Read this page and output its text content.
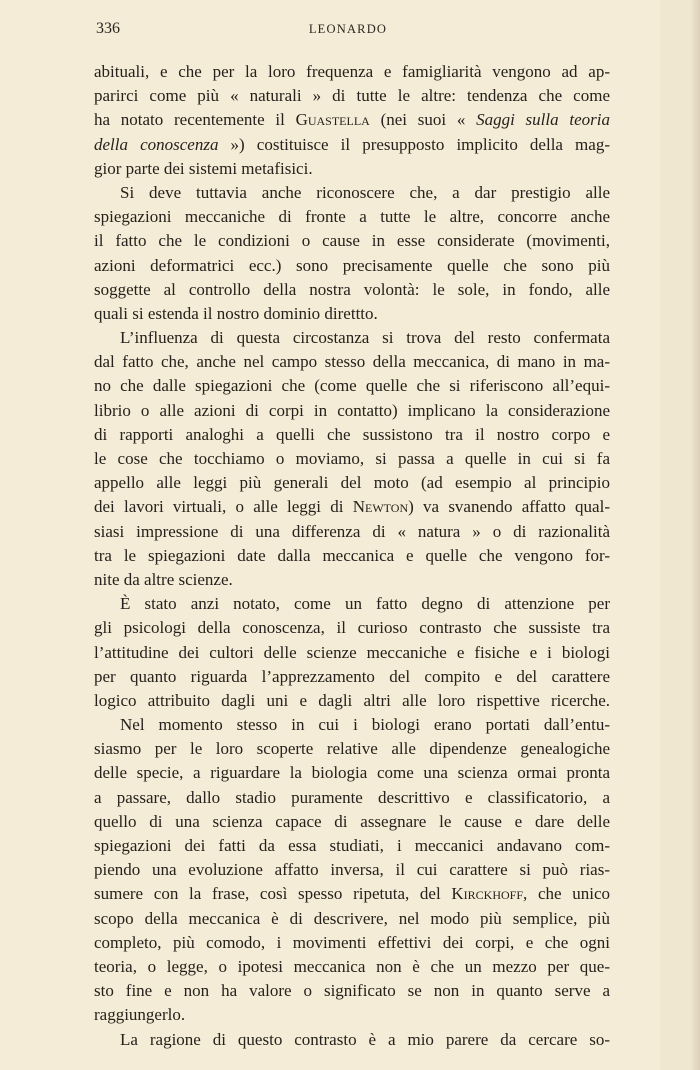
336	LEONARDO
abituali, e che per la loro frequenza e famigliarità vengono ad ap-
parirci come più « naturali » di tutte le altre: tendenza che come
ha notato recentemente il Guastella (nei suoi « Saggi sulla teoria
della conoscenza ») costituisce il presupposto implicito della mag-
gior parte dei sistemi metafisici.
Si deve tuttavia anche riconoscere che, a dar prestigio alle
spiegazioni meccaniche di fronte a tutte le altre, concorre anche
il fatto che le condizioni o cause in esse considerate (movimenti,
azioni deformatrici ecc.) sono precisamente quelle che sono più
soggette al controllo della nostra volontà: le sole, in fondo, alle
quali si estenda il nostro dominio direttto.
L’influenza di questa circostanza si trova del resto confermata
dal fatto che, anche nel campo stesso della meccanica, di mano in ma-
no che dalle spiegazioni che (come quelle che si riferiscono all’equi-
librio o alle azioni di corpi in contatto) implicano la considerazione
di rapporti analoghi a quelli che sussistono tra il nostro corpo e
le cose che tocchiamo o moviamo, si passa a quelle in cui si fa
appello alle leggi più generali del moto (ad esempio al principio
dei lavori virtuali, o alle leggi di Newton) va svanendo affatto qual-
siasi impressione di una differenza di « natura » o di razionalità
tra le spiegazioni date dalla meccanica e quelle che vengono for-
nite da altre scienze.
È stato anzi notato, come un fatto degno di attenzione per
gli psicologi della conoscenza, il curioso contrasto che sussiste tra
l’attitudine dei cultori delle scienze meccaniche e fisiche e i biologi
per quanto riguarda l’apprezzamento del compito e del carattere
logico attribuito dagli uni e dagli altri alle loro rispettive ricerche.
Nel momento stesso in cui i biologi erano portati dall’entu-
siasmo per le loro scoperte relative alle dipendenze genealogiche
delle specie, a riguardare la biologia come una scienza ormai pronta
a passare, dallo stadio puramente descrittivo e classificatorio, a
quello di una scienza capace di assegnare le cause e dare delle
spiegazioni dei fatti da essa studiati, i meccanici andavano com-
piendo una evoluzione affatto inversa, il cui carattere si può rias-
sumere con la frase, così spesso ripetuta, del Kirckhoff, che unico
scopo della meccanica è di descrivere, nel modo più semplice, più
completo, più comodo, i movimenti effettivi dei corpi, e che ogni
teoria, o legge, o ipotesi meccanica non è che un mezzo per que-
sto fine e non ha valore o significato se non in quanto serve a
raggiungerlo.
La ragione di questo contrasto è a mio parere da cercare so-
